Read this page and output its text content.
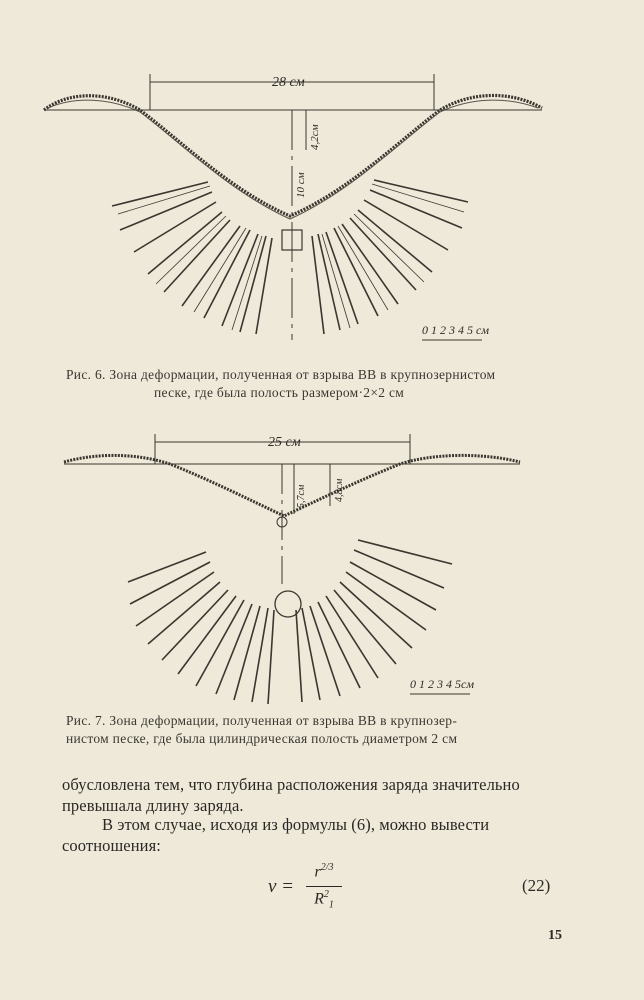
28 см
4,2см
10 см
0 1 2 3 4 5 см
Рис. 6. Зона деформации, полученная от взрыва ВВ в крупнозернистом
песке, где была полость размером·2×2 см
25 см
5,7см	4,8см
0 1 2 3 4 5см
Рис. 7. Зона деформации, полученная от взрыва ВВ в крупнозер-
нистом песке, где была цилиндрическая полость диаметром 2 см
обусловлена тем, что глубина расположения заряда значительно превышала длину заряда.
В этом случае, исходя из формулы (6), можно вывести соотношения:
v =
$r^{2/3}$
$R^2_1$
(22)
15
